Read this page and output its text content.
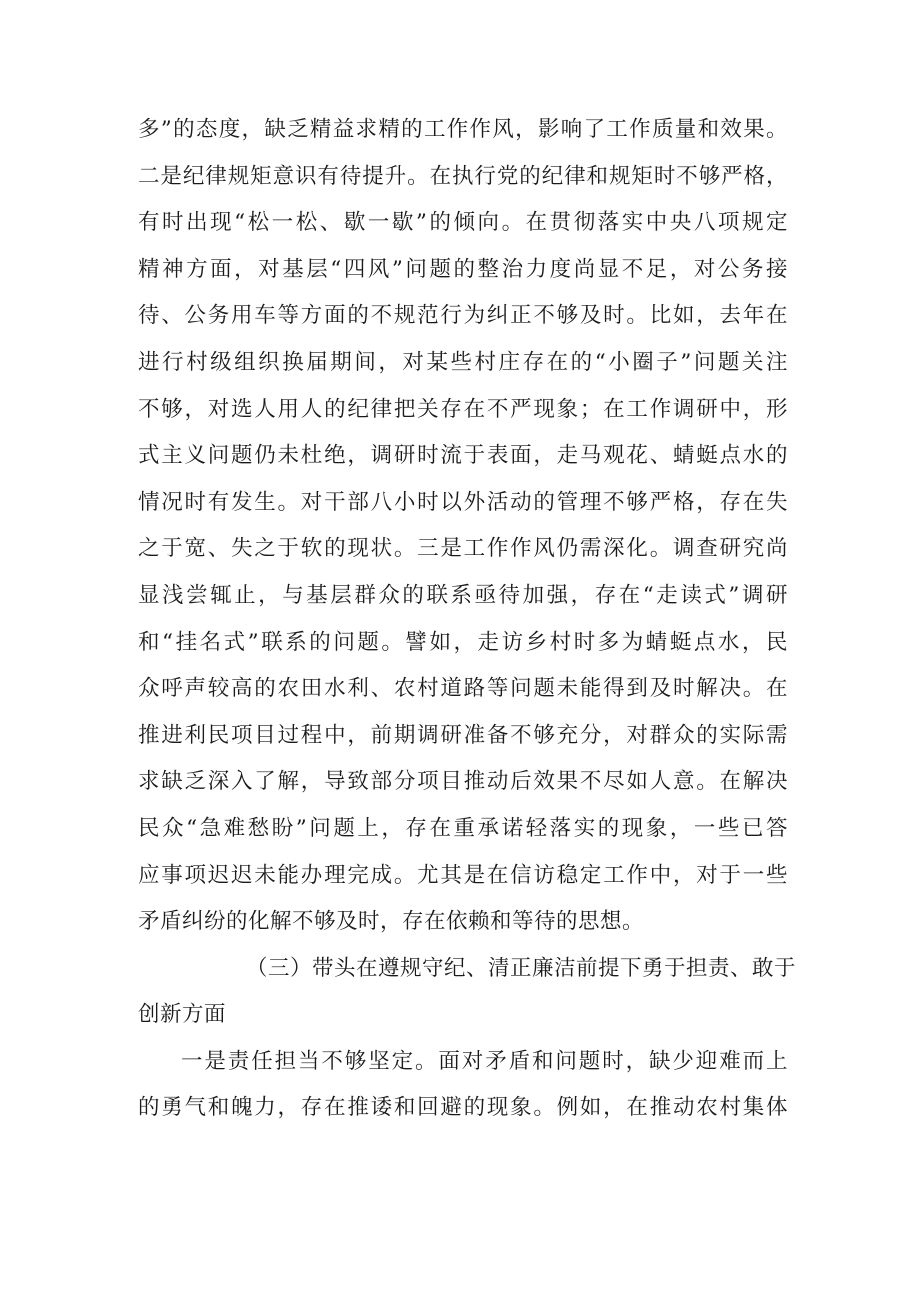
多”的态度，缺乏精益求精的工作作风，影响了工作质量和效果。
二是纪律规矩意识有待提升。在执行党的纪律和规矩时不够严格，
有时出现“松一松、歇一歇”的倾向。在贯彻落实中央八项规定
精神方面，对基层“四风”问题的整治力度尚显不足，对公务接
待、公务用车等方面的不规范行为纠正不够及时。比如，去年在
进行村级组织换届期间，对某些村庄存在的“小圈子”问题关注
不够，对选人用人的纪律把关存在不严现象；在工作调研中，形
式主义问题仍未杜绝，调研时流于表面，走马观花、蜻蜓点水的
情况时有发生。对干部八小时以外活动的管理不够严格，存在失
之于宽、失之于软的现状。三是工作作风仍需深化。调查研究尚
显浅尝辄止，与基层群众的联系亟待加强，存在“走读式”调研
和“挂名式”联系的问题。譬如，走访乡村时多为蜻蜓点水，民
众呼声较高的农田水利、农村道路等问题未能得到及时解决。在
推进利民项目过程中，前期调研准备不够充分，对群众的实际需
求缺乏深入了解，导致部分项目推动后效果不尽如人意。在解决
民众“急难愁盼”问题上，存在重承诺轻落实的现象，一些已答
应事项迟迟未能办理完成。尤其是在信访稳定工作中，对于一些
矛盾纠纷的化解不够及时，存在依赖和等待的思想。
（三）带头在遵规守纪、清正廉洁前提下勇于担责、敢于
创新方面
一是责任担当不够坚定。面对矛盾和问题时，缺少迎难而上
的勇气和魄力，存在推诿和回避的现象。例如，在推动农村集体
